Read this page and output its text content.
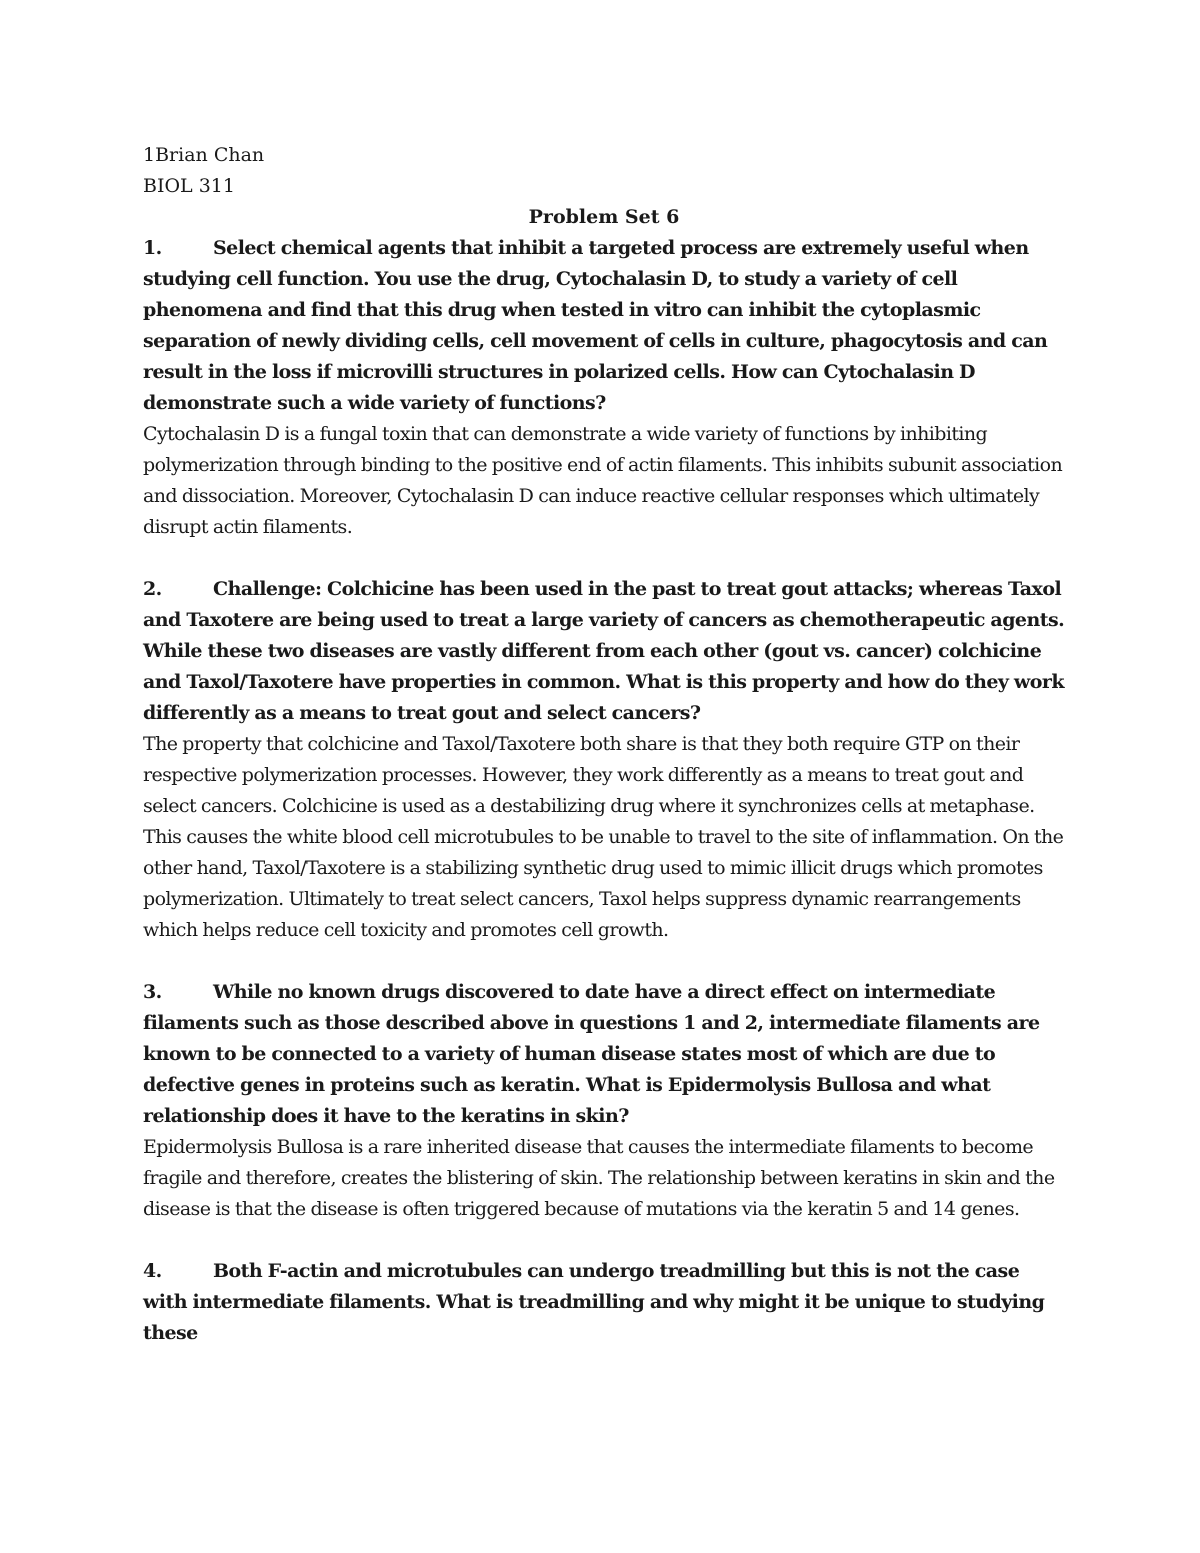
1Brian Chan

BIOL 311

Problem Set 6

1.	Select chemical agents that inhibit a targeted process are extremely useful when studying cell function. You use the drug, Cytochalasin D, to study a variety of cell phenomena and find that this drug when tested in vitro can inhibit the cytoplasmic separation of newly dividing cells, cell movement of cells in culture, phagocytosis and can result in the loss if microvilli structures in polarized cells. How can Cytochalasin D demonstrate such a wide variety of functions?

Cytochalasin D is a fungal toxin that can demonstrate a wide variety of functions by inhibiting polymerization through binding to the positive end of actin filaments. This inhibits subunit association and dissociation. Moreover, Cytochalasin D can induce reactive cellular responses which ultimately disrupt actin filaments.

2.	Challenge: Colchicine has been used in the past to treat gout attacks; whereas Taxol and Taxotere are being used to treat a large variety of cancers as chemotherapeutic agents. While these two diseases are vastly different from each other (gout vs. cancer) colchicine and Taxol/Taxotere have properties in common. What is this property and how do they work differently as a means to treat gout and select cancers?

The property that colchicine and Taxol/Taxotere both share is that they both require GTP on their respective polymerization processes. However, they work differently as a means to treat gout and select cancers. Colchicine is used as a destabilizing drug where it synchronizes cells at metaphase. This causes the white blood cell microtubules to be unable to travel to the site of inflammation. On the other hand, Taxol/Taxotere is a stabilizing synthetic drug used to mimic illicit drugs which promotes polymerization. Ultimately to treat select cancers, Taxol helps suppress dynamic rearrangements which helps reduce cell toxicity and promotes cell growth.

3.	While no known drugs discovered to date have a direct effect on intermediate filaments such as those described above in questions 1 and 2, intermediate filaments are known to be connected to a variety of human disease states most of which are due to defective genes in proteins such as keratin. What is Epidermolysis Bullosa and what relationship does it have to the keratins in skin?

Epidermolysis Bullosa is a rare inherited disease that causes the intermediate filaments to become fragile and therefore, creates the blistering of skin. The relationship between keratins in skin and the disease is that the disease is often triggered because of mutations via the keratin 5 and 14 genes.

4.	Both F-actin and microtubules can undergo treadmilling but this is not the case with intermediate filaments. What is treadmilling and why might it be unique to studying these
